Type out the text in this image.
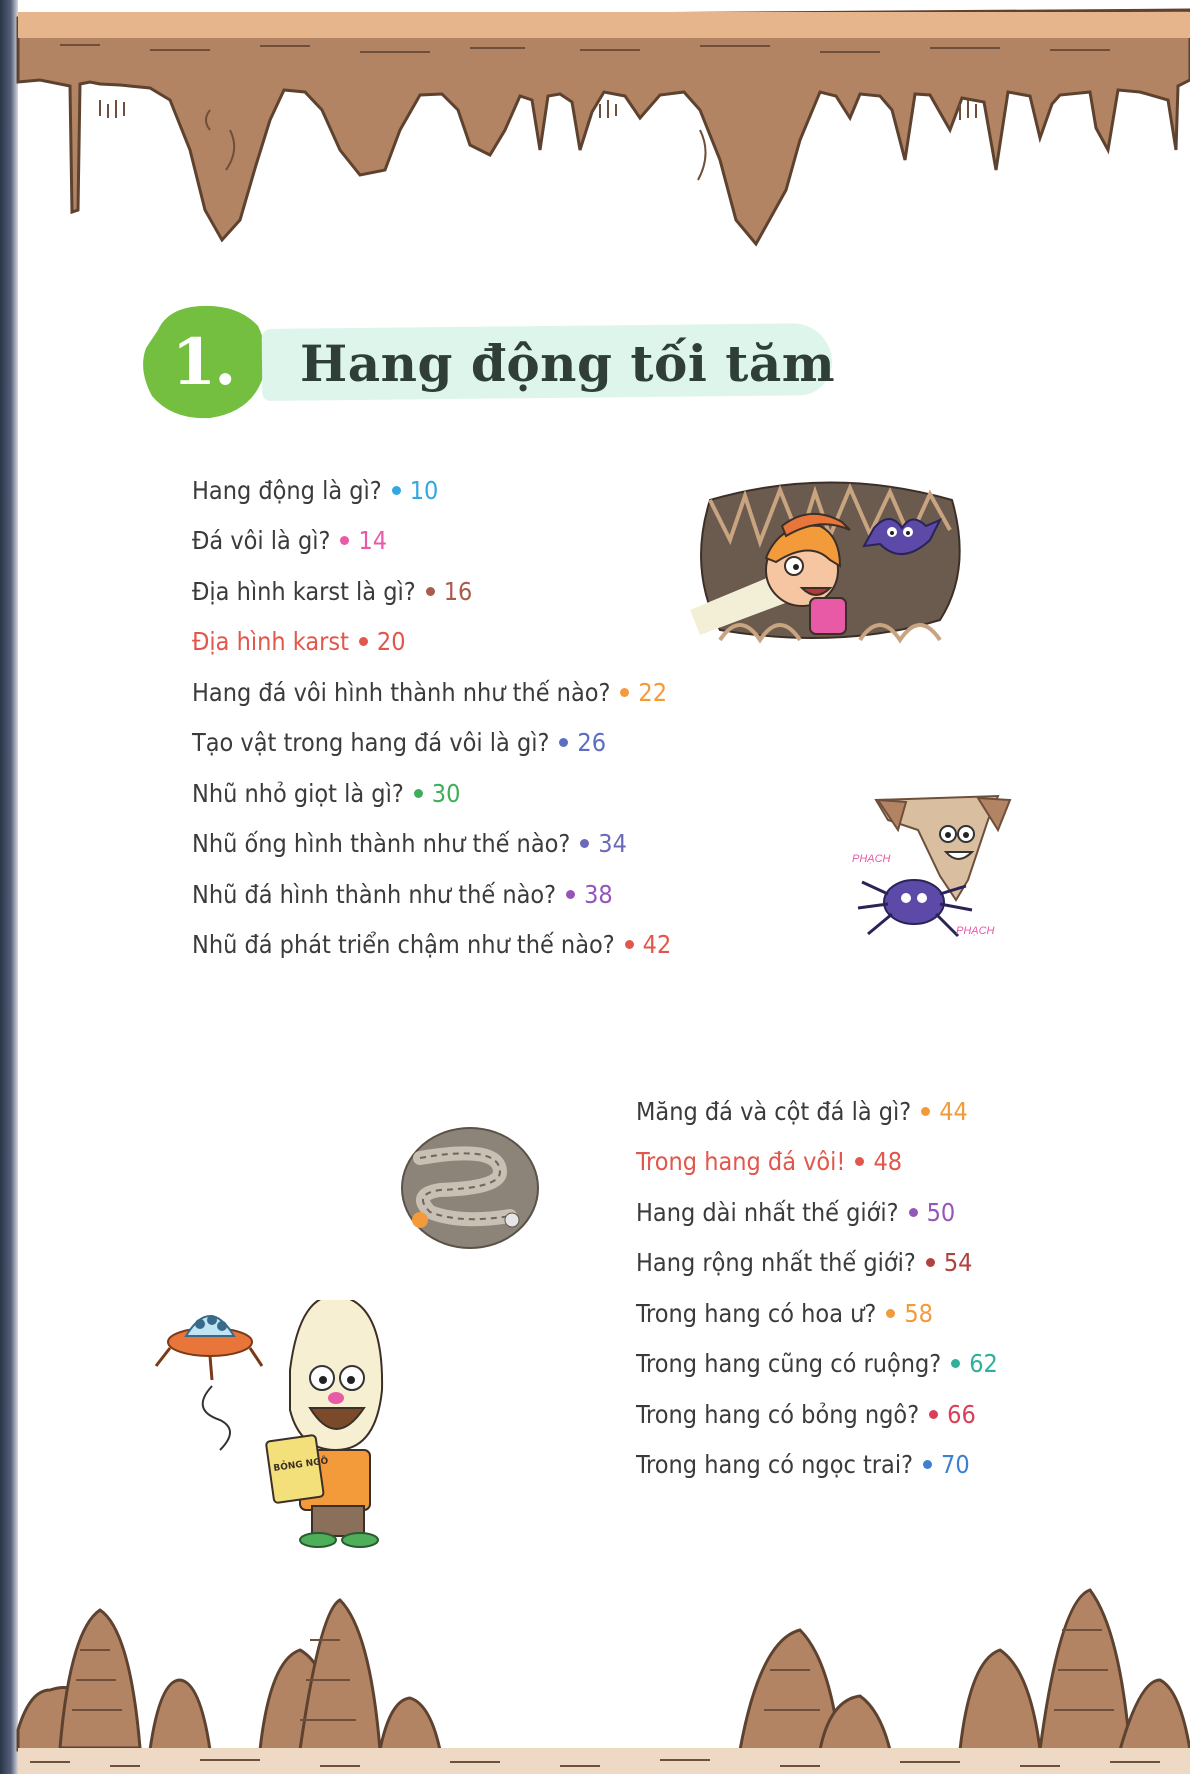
1.	Hang động tối tăm
Hang động là gì? 10
Đá vôi là gì? 14
Địa hình karst là gì? 16
Địa hình karst 20
Hang đá vôi hình thành như thế nào? 22
Tạo vật trong hang đá vôi là gì? 26
Nhũ nhỏ giọt là gì? 30
Nhũ ống hình thành như thế nào? 34
Nhũ đá hình thành như thế nào? 38
Nhũ đá phát triển chậm như thế nào? 42
Măng đá và cột đá là gì? 44
Trong hang đá vôi! 48
Hang dài nhất thế giới? 50
Hang rộng nhất thế giới? 54
Trong hang có hoa ư? 58
Trong hang cũng có ruộng? 62
Trong hang có bỏng ngô? 66
Trong hang có ngọc trai? 70
PHẠCH
PHẠCH
BỎNG NGÔ
